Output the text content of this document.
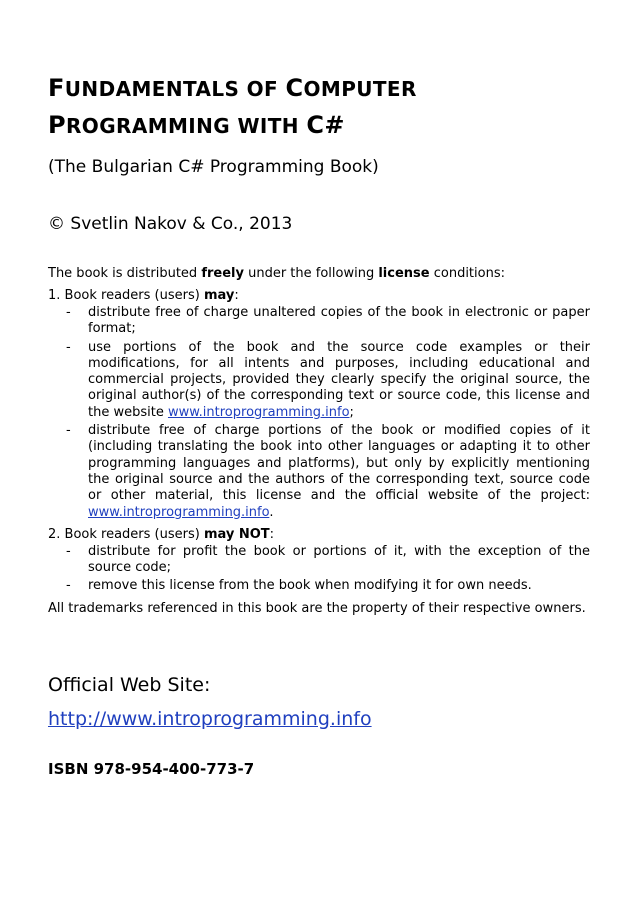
FUNDAMENTALS OF COMPUTER
PROGRAMMING WITH C#
(The Bulgarian C# Programming Book)
© Svetlin Nakov & Co., 2013
The book is distributed freely under the following license conditions:
1. Book readers (users) may:
- distribute free of charge unaltered copies of the book in electronic or paper format;
- use portions of the book and the source code examples or their modifications, for all intents and purposes, including educational and commercial projects, provided they clearly specify the original source, the original author(s) of the corresponding text or source code, this license and the website www.introprogramming.info;
- distribute free of charge portions of the book or modified copies of it (including translating the book into other languages or adapting it to other programming languages and platforms), but only by explicitly mentioning the original source and the authors of the corresponding text, source code or other material, this license and the official website of the project: www.introprogramming.info.
2. Book readers (users) may NOT:
- distribute for profit the book or portions of it, with the exception of the source code;
- remove this license from the book when modifying it for own needs.
All trademarks referenced in this book are the property of their respective owners.
Official Web Site:
http://www.introprogramming.info
ISBN 978-954-400-773-7
